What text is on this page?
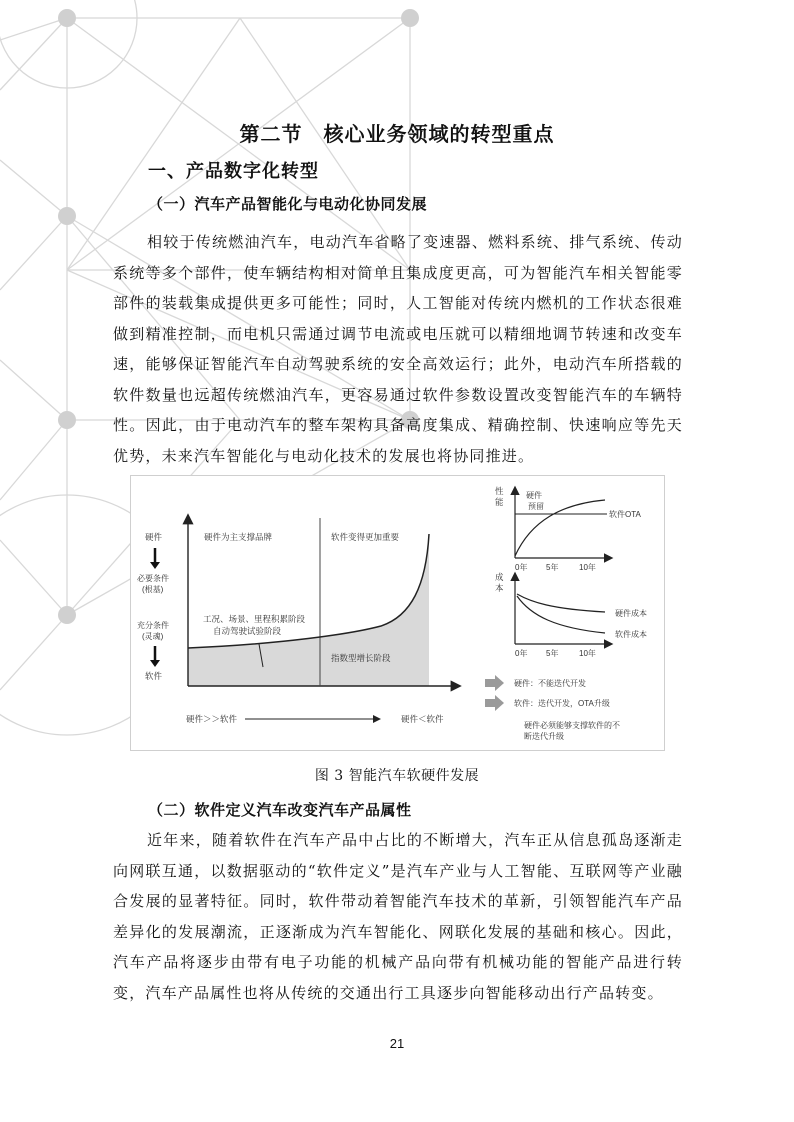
第二节　核心业务领域的转型重点
一、产品数字化转型
（一）汽车产品智能化与电动化协同发展

相较于传统燃油汽车，电动汽车省略了变速器、燃料系统、排气系统、传动系统等多个部件，使车辆结构相对简单且集成度更高，可为智能汽车相关智能零部件的装载集成提供更多可能性；同时，人工智能对传统内燃机的工作状态很难做到精准控制，而电机只需通过调节电流或电压就可以精细地调节转速和改变车速，能够保证智能汽车自动驾驶系统的安全高效运行；此外，电动汽车所搭载的软件数量也远超传统燃油汽车，更容易通过软件参数设置改变智能汽车的车辆特性。因此，由于电动汽车的整车架构具备高度集成、精确控制、快速响应等先天优势，未来汽车智能化与电动化技术的发展也将协同推进。

硬件为主支撑品牌	软件变得更加重要
工况、场景、里程积累阶段
自动驾驶试验阶段
指数型增长阶段
硬件
必要条件
(根基)
充分条件
(灵魂)
软件
硬件＞＞软件	硬件＜软件
性
能
硬件
预留
软件OTA
0年 5年	10年
成
本
硬件成本
软件成本
0年 5年	10年
硬件：不能迭代开发
软件：迭代开发，OTA升级
硬件必须能够支撑软件的不
断迭代升级
图 3 智能汽车软硬件发展
（二）软件定义汽车改变汽车产品属性

近年来，随着软件在汽车产品中占比的不断增大，汽车正从信息孤岛逐渐走向网联互通，以数据驱动的“软件定义”是汽车产业与人工智能、互联网等产业融合发展的显著特征。同时，软件带动着智能汽车技术的革新，引领智能汽车产品差异化的发展潮流，正逐渐成为汽车智能化、网联化发展的基础和核心。因此，汽车产品将逐步由带有电子功能的机械产品向带有机械功能的智能产品进行转变，汽车产品属性也将从传统的交通出行工具逐步向智能移动出行产品转变。

21
